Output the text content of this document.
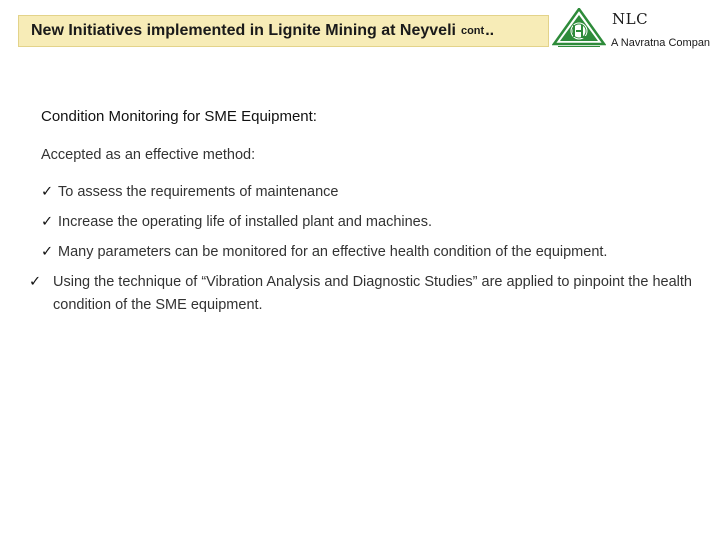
New Initiatives implemented in Lignite Mining at Neyveli cont ..
NLC
A Navratna Compan
Condition Monitoring for SME Equipment:
Accepted as an effective method:
✓ To assess the requirements of maintenance
✓ Increase the operating life of installed plant and machines.
✓ Many parameters can be monitored for an effective health condition of the equipment.
✓ Using the technique of “Vibration Analysis and Diagnostic Studies” are applied to pinpoint the health condition of the SME equipment.
